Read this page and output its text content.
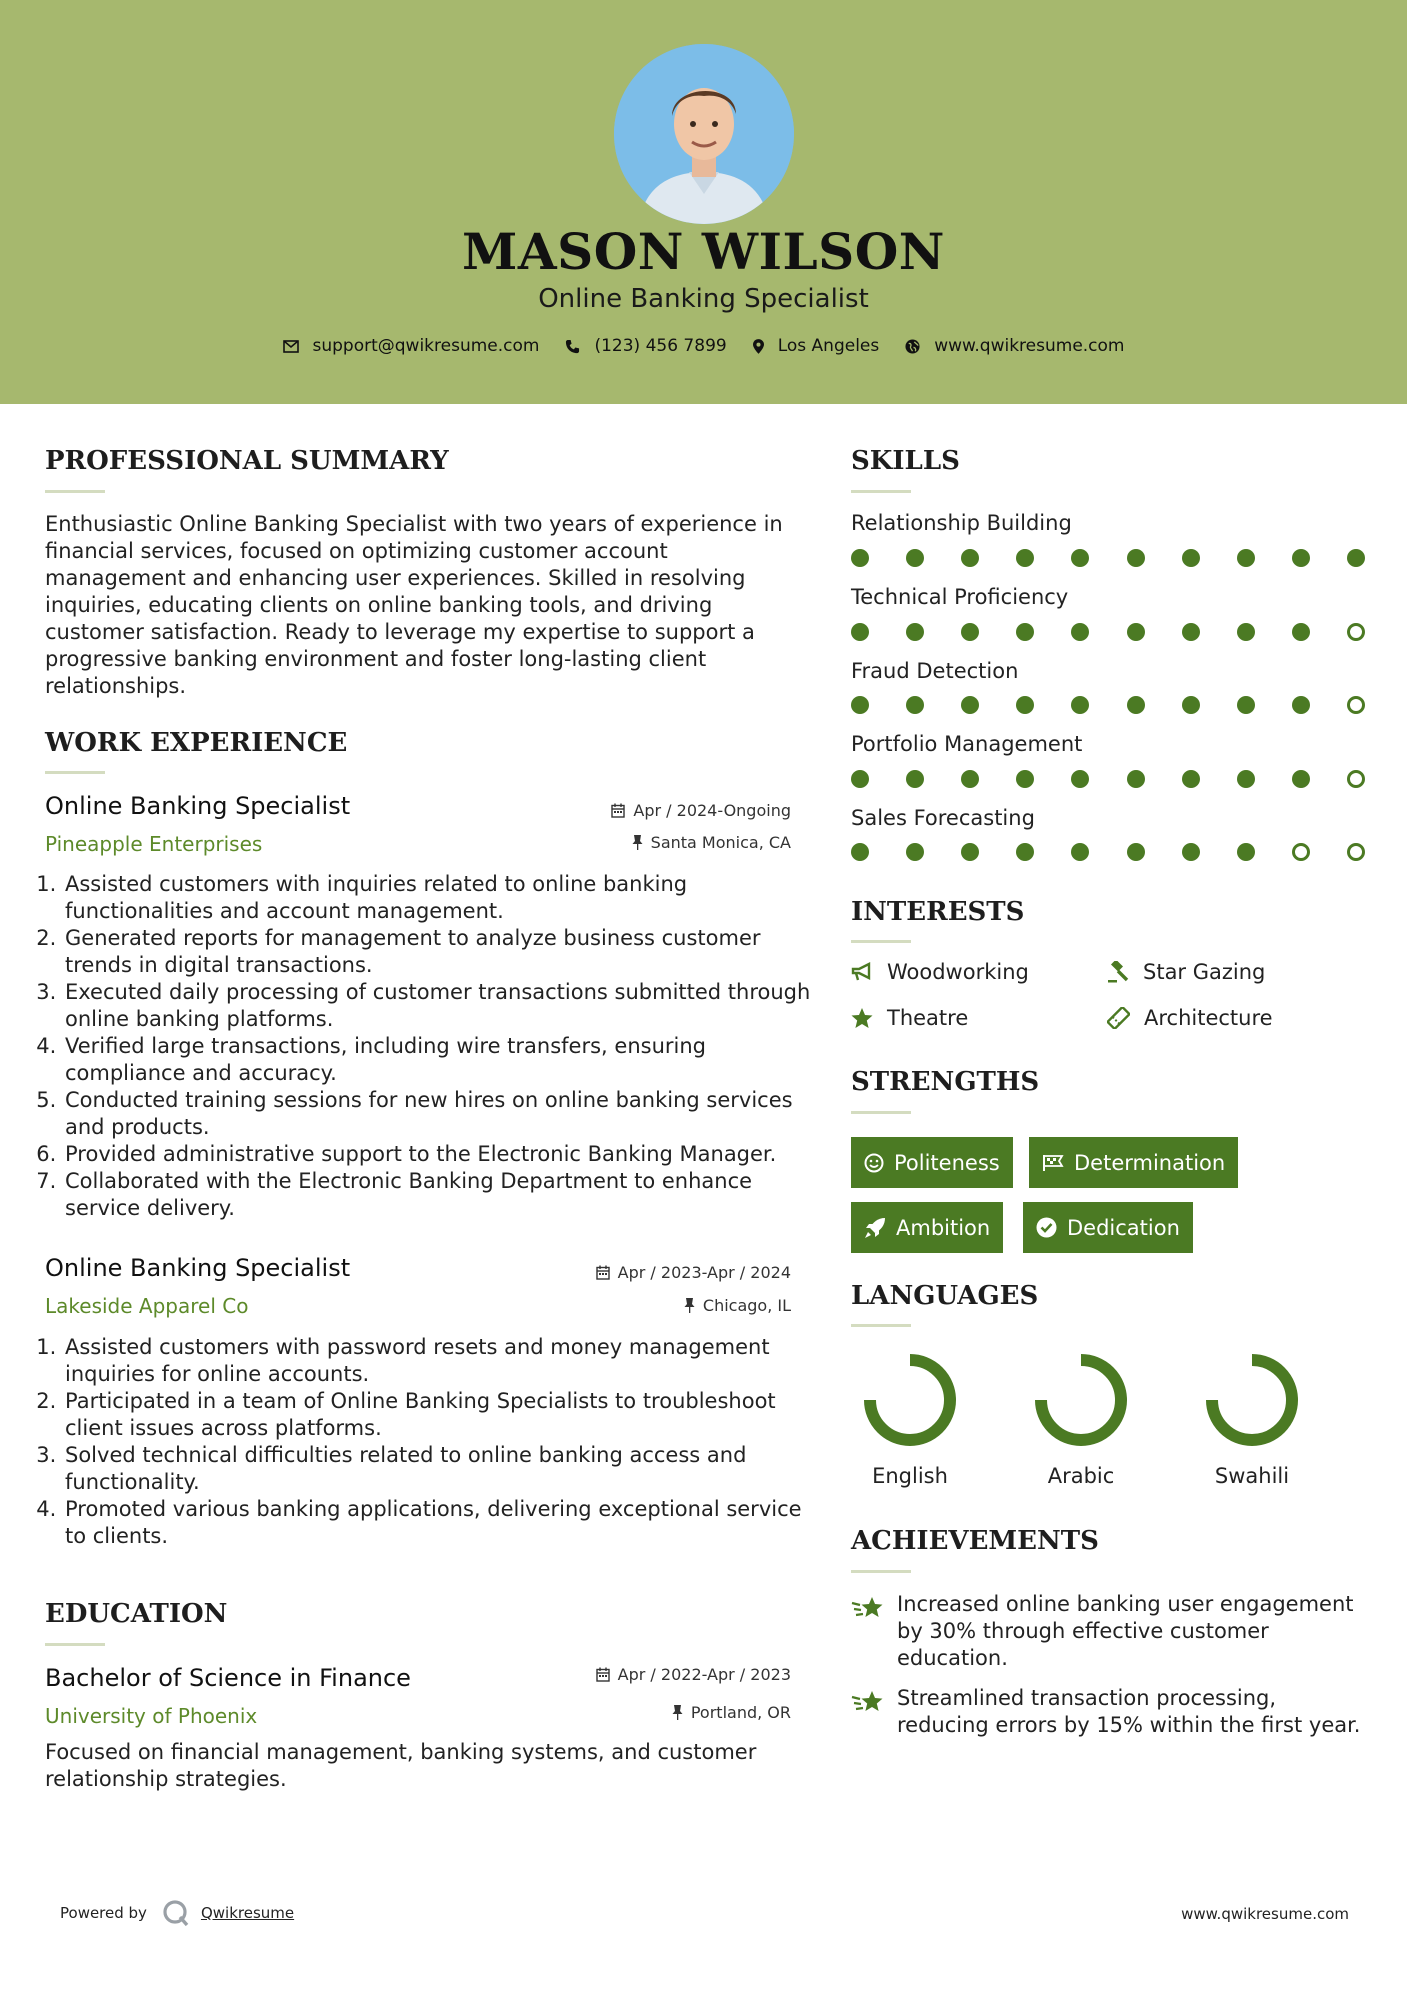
MASON WILSON
Online Banking Specialist
support@qwikresume.com	(123) 456 7899	Los Angeles	www.qwikresume.com
PROFESSIONAL SUMMARY
Enthusiastic Online Banking Specialist with two years of experience in financial services, focused on optimizing customer account management and enhancing user experiences. Skilled in resolving inquiries, educating clients on online banking tools, and driving customer satisfaction. Ready to leverage my expertise to support a progressive banking environment and foster long-lasting client relationships.
WORK EXPERIENCE
Online Banking Specialist
Pineapple Enterprises
Apr / 2024-Ongoing
Santa Monica, CA
1. Assisted customers with inquiries related to online banking functionalities and account management.
2. Generated reports for management to analyze business customer trends in digital transactions.
3. Executed daily processing of customer transactions submitted through online banking platforms.
4. Verified large transactions, including wire transfers, ensuring compliance and accuracy.
5. Conducted training sessions for new hires on online banking services and products.
6. Provided administrative support to the Electronic Banking Manager.
7. Collaborated with the Electronic Banking Department to enhance service delivery.
Online Banking Specialist
Lakeside Apparel Co
Apr / 2023-Apr / 2024
Chicago, IL
1. Assisted customers with password resets and money management inquiries for online accounts.
2. Participated in a team of Online Banking Specialists to troubleshoot client issues across platforms.
3. Solved technical difficulties related to online banking access and functionality.
4. Promoted various banking applications, delivering exceptional service to clients.
EDUCATION
Bachelor of Science in Finance
University of Phoenix
Apr / 2022-Apr / 2023
Portland, OR
Focused on financial management, banking systems, and customer relationship strategies.
SKILLS
Relationship Building
Technical Proficiency
Fraud Detection
Portfolio Management
Sales Forecasting
INTERESTS
Woodworking	Star Gazing
Theatre	Architecture
STRENGTHS
Politeness	Determination
Ambition	Dedication
LANGUAGES
English	Arabic	Swahili
ACHIEVEMENTS
Increased online banking user engagement by 30% through effective customer education.
Streamlined transaction processing, reducing errors by 15% within the first year.
Powered by	Qwikresume	www.qwikresume.com
